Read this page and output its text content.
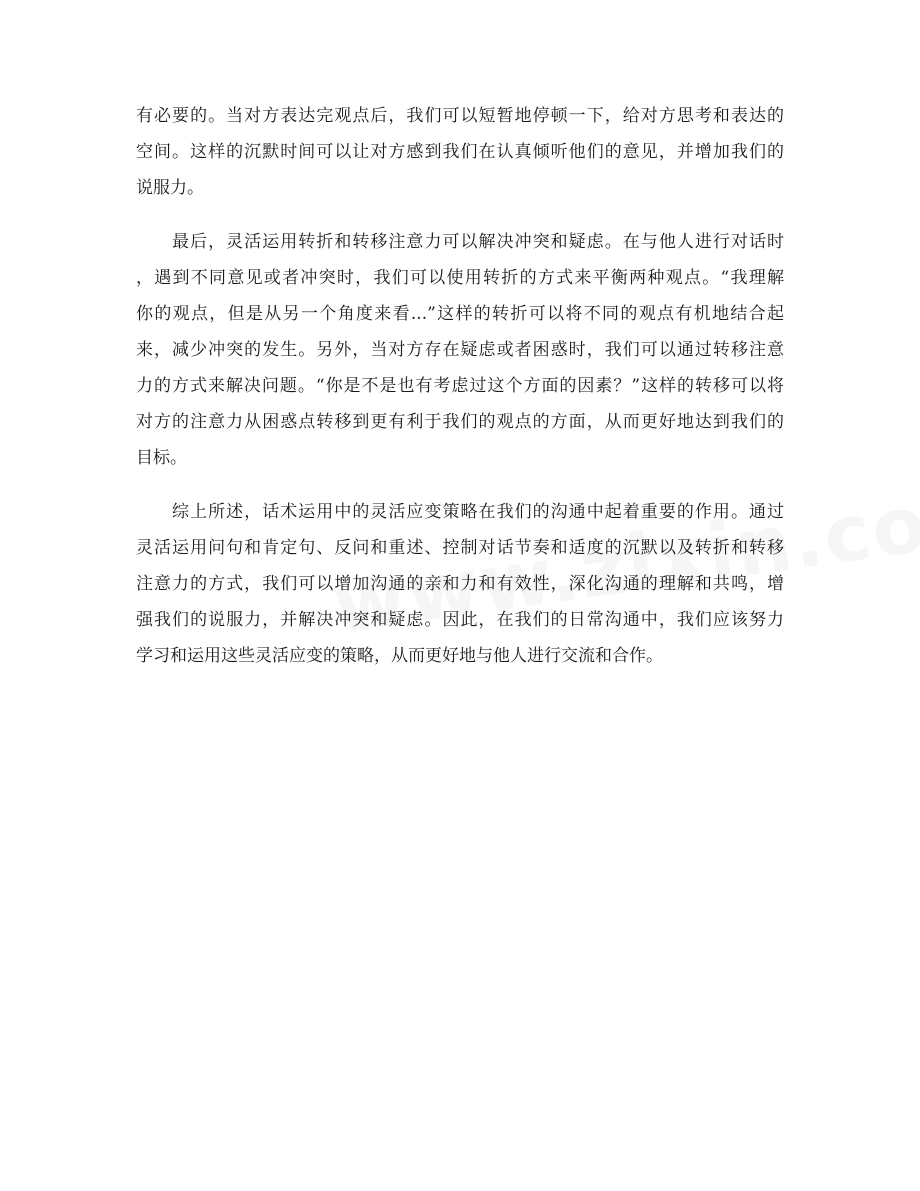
有必要的。当对方表达完观点后，我们可以短暂地停顿一下，给对方思考和表达的
空间。这样的沉默时间可以让对方感到我们在认真倾听他们的意见，并增加我们的
说服力。
　　最后，灵活运用转折和转移注意力可以解决冲突和疑虑。在与他人进行对话时
，遇到不同意见或者冲突时，我们可以使用转折的方式来平衡两种观点。“我理解
你的观点，但是从另一个角度来看...”这样的转折可以将不同的观点有机地结合起
来，减少冲突的发生。另外，当对方存在疑虑或者困惑时，我们可以通过转移注意
力的方式来解决问题。“你是不是也有考虑过这个方面的因素？”这样的转移可以将
对方的注意力从困惑点转移到更有利于我们的观点的方面，从而更好地达到我们的
目标。
　　综上所述，话术运用中的灵活应变策略在我们的沟通中起着重要的作用。通过
灵活运用问句和肯定句、反问和重述、控制对话节奏和适度的沉默以及转折和转移
注意力的方式，我们可以增加沟通的亲和力和有效性，深化沟通的理解和共鸣，增
强我们的说服力，并解决冲突和疑虑。因此，在我们的日常沟通中，我们应该努力
学习和运用这些灵活应变的策略，从而更好地与他人进行交流和合作。
